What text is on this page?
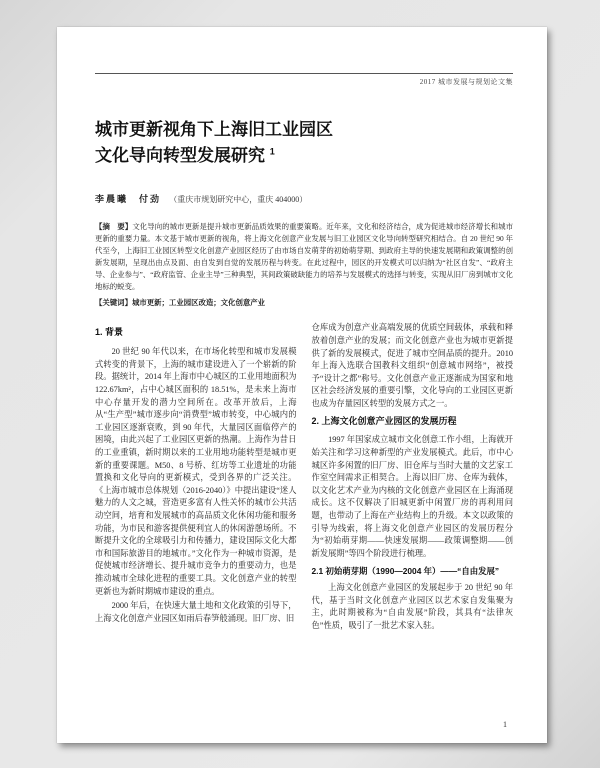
2017 城市发展与规划论文集
城市更新视角下上海旧工业园区
文化导向转型发展研究 $^1$
李晨曦　付劲 （重庆市规划研究中心，重庆 404000）

【摘　要】文化导向的城市更新是提升城市更新品质效果的重要策略。近年来，文化和经济结合，成为促进城市经济增长和城市更新的重要力量。本文基于城市更新的视角，将上海文化创意产业发展与旧工业园区文化导向转型研究相结合。自 20 世纪 90 年代至今，上海旧工业园区转型文化创意产业园区经历了由市场自发萌芽的初始萌芽期、到政府主导的快速发展期和政策调整的创新发展期，呈现出由点及面、由自发到自觉的发展历程与转变。在此过程中，园区的开发模式可以归纳为“社区自发”、“政府主导、企业参与”、“政府监管、企业主导”三种典型，其间政策破缺能力的培养与发展模式的选择与转变，实现从旧厂房到城市文化地标的蜕变。

【关键词】城市更新；工业园区改造；文化创意产业

1. 背景

20 世纪 90 年代以来，在市场化转型和城市发展模式转变的背景下，上海的城市建设进入了一个崭新的阶段。据统计，2014 年上海市中心城区的工业用地面积为 122.67km²，占中心城区面积的 18.51%，是未来上海市中心存量开发的潜力空间所在。改革开放后，上海从“生产型”城市逐步向“消费型”城市转变，中心城内的工业园区逐渐衰败，到 90 年代，大量园区面临停产的困境，由此兴起了工业园区更新的热潮。上海作为昔日的工业重镇，新时期以来的工业用地功能转型是城市更新的重要课题。M50、8 号桥、红坊等工业遗址的功能置换和文化导向的更新模式，受到各界的广泛关注。《上海市城市总体规划（2016-2040）》中提出建设“迷人魅力的人文之城，营造更多富有人性关怀的城市公共活动空间，培育和发展城市的高品质文化休闲功能和服务功能，为市民和游客提供便利宜人的休闲游憩场所。不断提升文化的全球吸引力和传播力，建设国际文化大都市和国际旅游目的地城市。”文化作为一种城市资源，是促使城市经济增长、提升城市竞争力的重要动力，也是推动城市全球化进程的重要工具。文化创意产业的转型更新也为新时期城市建设的重点。

2000 年后，在快速大量土地和文化政策的引导下，上海文化创意产业园区如雨后春笋般涌现。旧厂房、旧

仓库成为创意产业高端发展的优质空间载体，承载和释放着创意产业的发展；而文化创意产业也为城市更新提供了新的发展模式，促进了城市空间品质的提升。2010 年上海入选联合国教科文组织“创意城市网络”，被授予“设计之都”称号。文化创意产业正逐渐成为国家和地区社会经济发展的重要引擎，文化导向的工业园区更新也成为存量园区转型的发展方式之一。

2. 上海文化创意产业园区的发展历程

1997 年国家成立城市文化创意工作小组，上海就开始关注和学习这种新型的产业发展模式。此后，市中心城区许多闲置的旧厂房、旧仓库与当时大量的文艺家工作室空间需求正相契合。上海以旧厂房、仓库为载体，以文化艺术产业为内核的文化创意产业园区在上海涌现成长。这不仅解决了旧城更新中闲置厂房的再利用问题，也带动了上海在产业结构上的升级。本文以政策的引导为线索，将上海文化创意产业园区的发展历程分为“初始萌芽期——快速发展期——政策调整期——创新发展期”等四个阶段进行梳理。

2.1 初始萌芽期（1990—2004 年）——“自由发展”

上海文化创意产业园区的发展起步于 20 世纪 90 年代，基于当时文化创意产业园区以艺术家自发集聚为主，此时期被称为“自由发展”阶段，其具有“法律灰色”性质，吸引了一批艺术家入驻。

1
